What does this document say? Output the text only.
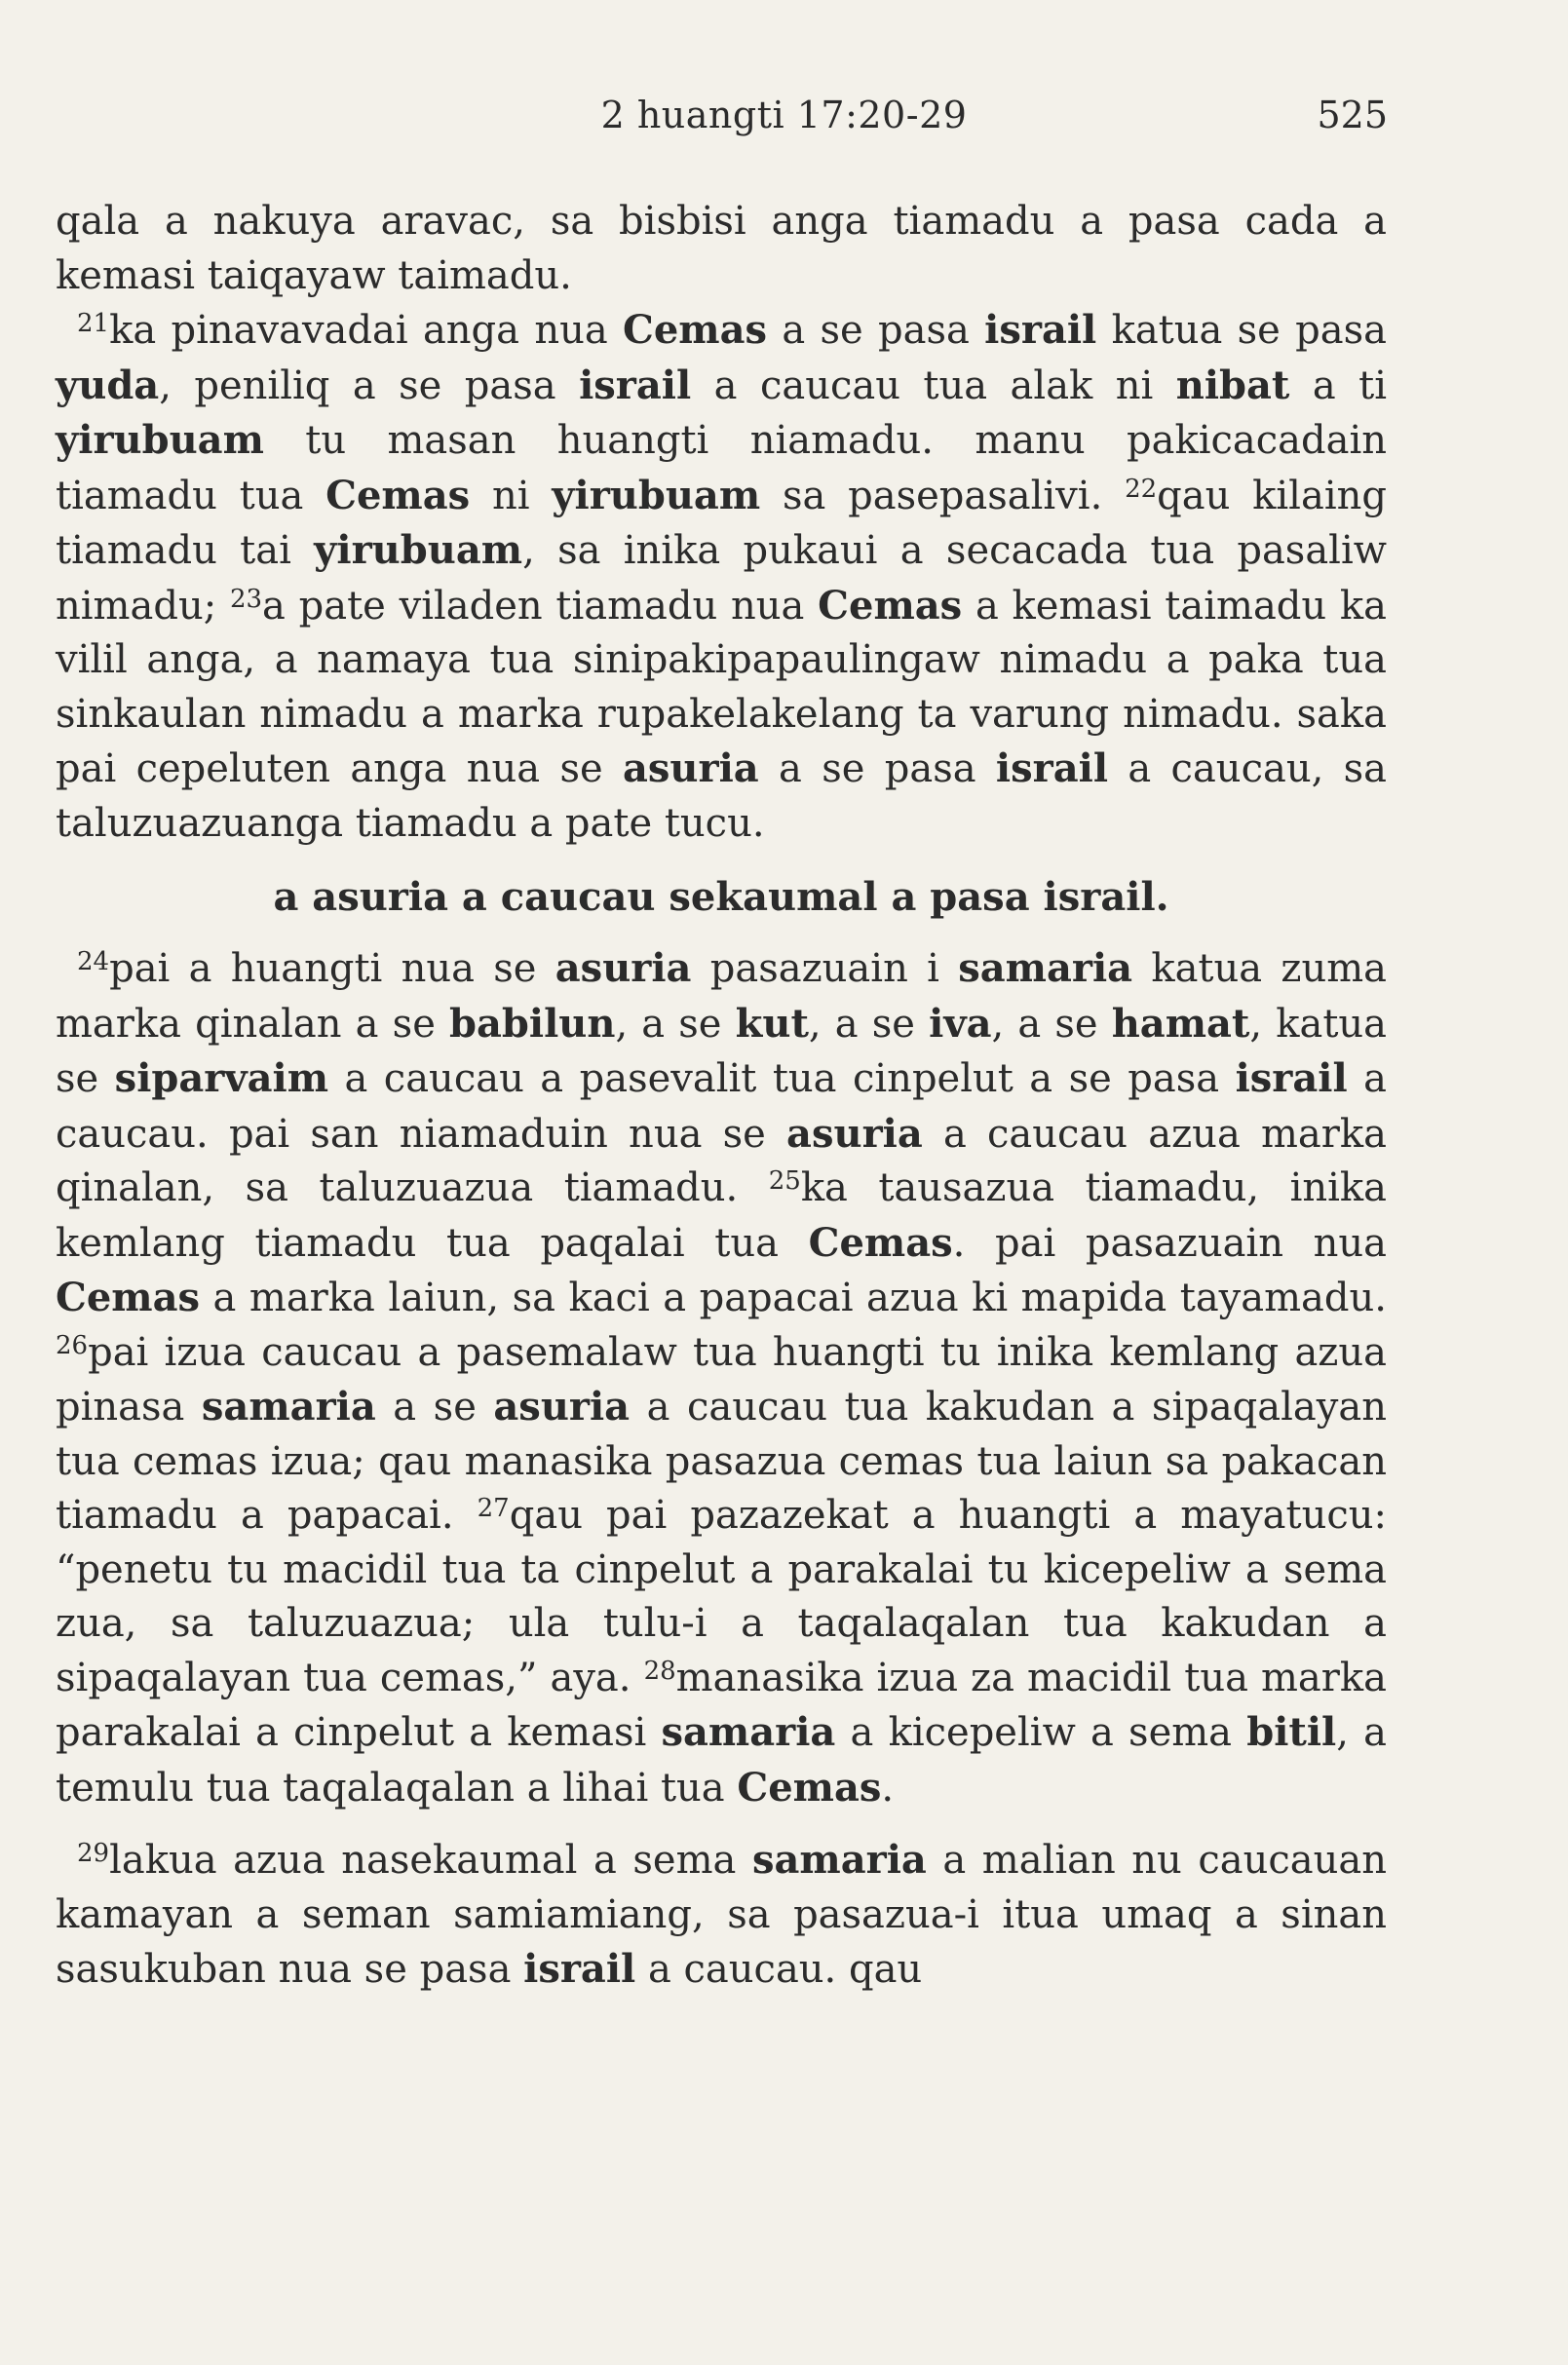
2 huangti 17:20-29	525

qala a nakuya aravac, sa bisbisi anga tiamadu a pasa cada a kemasi taiqayaw taimadu.

$^{21}$ka pinavavadai anga nua Cemas a se pasa israil katua se pasa yuda, peniliq a se pasa israil a caucau tua alak ni nibat a ti yirubuam tu masan huangti niamadu. manu pakicacadain tiamadu tua Cemas ni yirubuam sa pasepasalivi. $^{22}$qau kilaing tiamadu tai yirubuam, sa inika pukaui a secacada tua pasaliw nimadu; $^{23}$a pate viladen tiamadu nua Cemas a kemasi taimadu ka vilil anga, a namaya tua sinipakipapaulingaw nimadu a paka tua sinkaulan nimadu a marka rupakelakelang ta varung nimadu. saka pai cepeluten anga nua se asuria a se pasa israil a caucau, sa taluzuazuanga tiamadu a pate tucu.

a asuria a caucau sekaumal a pasa israil.

$^{24}$pai a huangti nua se asuria pasazuain i samaria katua zuma marka qinalan a se babilun, a se kut, a se iva, a se hamat, katua se siparvaim a caucau a pasevalit tua cinpelut a se pasa israil a caucau. pai san niamaduin nua se asuria a caucau azua marka qinalan, sa taluzuazua tiamadu. $^{25}$ka tausazua tiamadu, inika kemlang tiamadu tua paqalai tua Cemas. pai pasazuain nua Cemas a marka laiun, sa kaci a papacai azua ki mapida tayamadu. $^{26}$pai izua caucau a pasemalaw tua huangti tu inika kemlang azua pinasa samaria a se asuria a caucau tua kakudan a sipaqalayan tua cemas izua; qau manasika pasazua cemas tua laiun sa pakacan tiamadu a papacai. $^{27}$qau pai pazazekat a huangti a mayatucu: “penetu tu macidil tua ta cinpelut a parakalai tu kicepeliw a sema zua, sa taluzuazua; ula tulu-i a taqalaqalan tua kakudan a sipaqalayan tua cemas,” aya. $^{28}$manasika izua za macidil tua marka parakalai a cinpelut a kemasi samaria a kicepeliw a sema bitil, a temulu tua taqalaqalan a lihai tua Cemas.

$^{29}$lakua azua nasekaumal a sema samaria a malian nu caucauan kamayan a seman samiamiang, sa pasazua-i itua umaq a sinan sasukuban nua se pasa israil a caucau. qau
